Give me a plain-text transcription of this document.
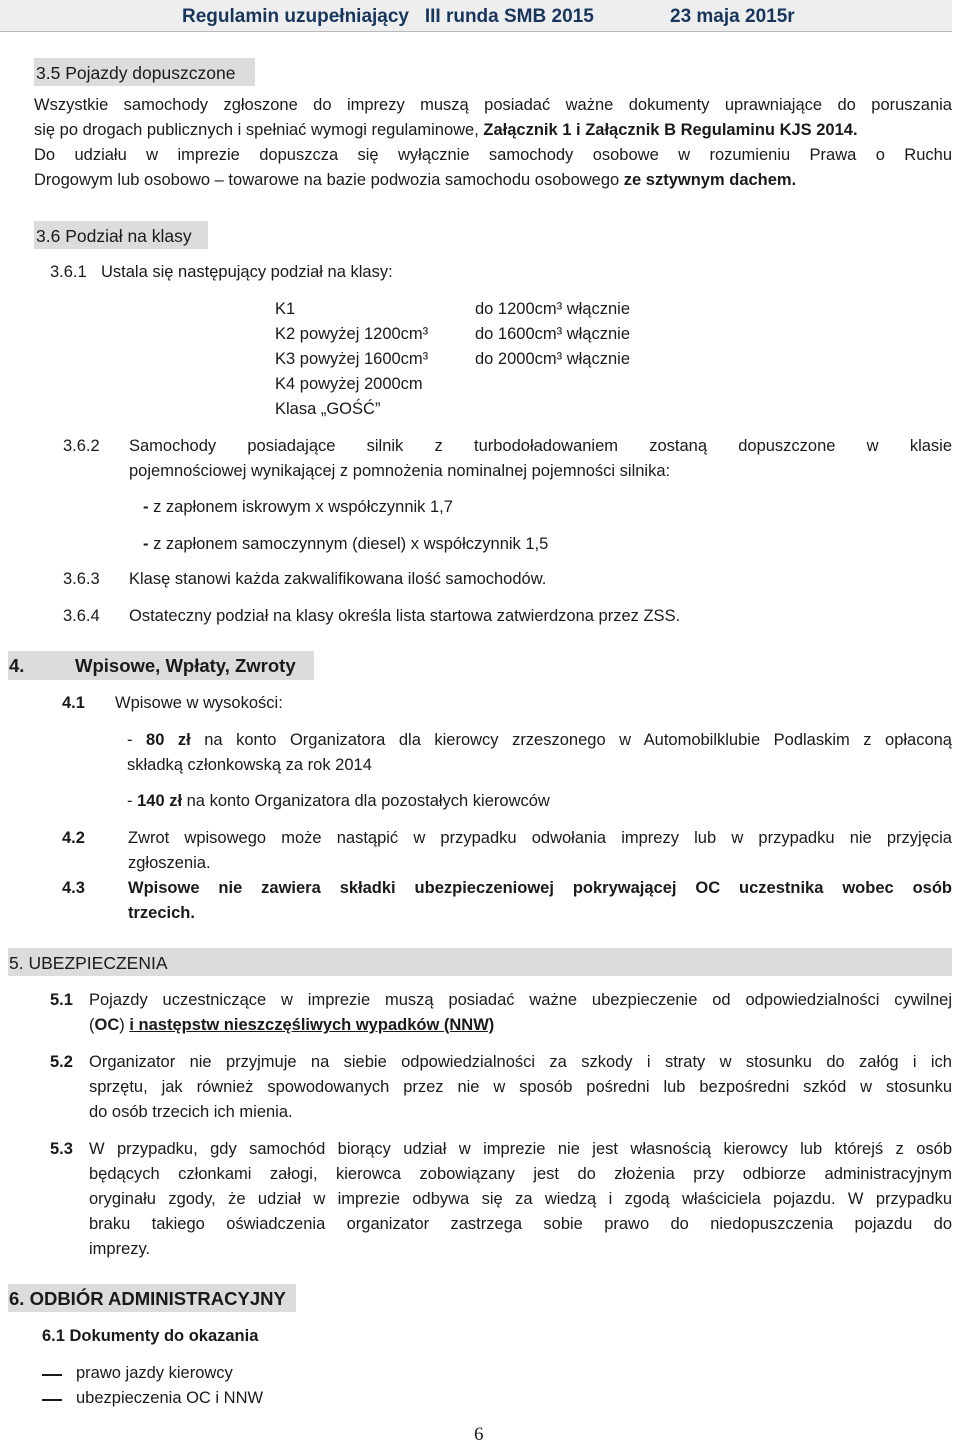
Regulamin uzupełniający   III runda SMB 2015	23 maja 2015r
3.5 Pojazdy dopuszczone
Wszystkie samochody zgłoszone do imprezy muszą posiadać ważne dokumenty uprawniające do poruszania
się po drogach publicznych i spełniać wymogi regulaminowe, Załącznik 1 i Załącznik B Regulaminu KJS 2014.
Do udziału w imprezie dopuszcza się wyłącznie samochody osobowe w rozumieniu Prawa o Ruchu
Drogowym lub osobowo – towarowe na bazie podwozia samochodu osobowego ze sztywnym dachem.
3.6 Podział na klasy
3.6.1 Ustala się następujący podział na klasy:
K1	do 1200cm³ włącznie
K2 powyżej 1200cm³	do 1600cm³ włącznie
K3 powyżej 1600cm³	do 2000cm³ włącznie
K4 powyżej 2000cm
Klasa „GOŚĆ”
3.6.2 Samochody posiadające silnik z turbodoładowaniem zostaną dopuszczone w klasie
pojemnościowej wynikającej z pomnożenia nominalnej pojemności silnika:
- z zapłonem iskrowym x współczynnik 1,7
- z zapłonem samoczynnym (diesel) x współczynnik 1,5
3.6.3 Klasę stanowi każda zakwalifikowana ilość samochodów.
3.6.4 Ostateczny podział na klasy określa lista startowa zatwierdzona przez ZSS.
4.	Wpisowe, Wpłaty, Zwroty
4.1 Wpisowe w wysokości:
- 80 zł na konto Organizatora dla kierowcy zrzeszonego w Automobilklubie Podlaskim z opłaconą
składką członkowską za rok 2014
- 140 zł na konto Organizatora dla pozostałych kierowców
4.2	Zwrot wpisowego może nastąpić w przypadku odwołania imprezy lub w przypadku nie przyjęcia
zgłoszenia.
4.3	Wpisowe nie zawiera składki ubezpieczeniowej pokrywającej OC uczestnika wobec osób
trzecich.
5. UBEZPIECZENIA
5.1 Pojazdy uczestniczące w imprezie muszą posiadać ważne ubezpieczenie od odpowiedzialności cywilnej
(OC) i następstw nieszczęśliwych wypadków (NNW)
5.2 Organizator nie przyjmuje na siebie odpowiedzialności za szkody i straty w stosunku do załóg i ich
sprzętu, jak również spowodowanych przez nie w sposób pośredni lub bezpośredni szkód w stosunku
do osób trzecich ich mienia.
5.3 W przypadku, gdy samochód biorący udział w imprezie nie jest własnością kierowcy lub którejś z osób
będących członkami załogi, kierowca zobowiązany jest do złożenia przy odbiorze administracyjnym
oryginału zgody, że udział w imprezie odbywa się za wiedzą i zgodą właściciela pojazdu. W przypadku
braku takiego oświadczenia organizator zastrzega sobie prawo do niedopuszczenia pojazdu do
imprezy.
6. ODBIÓR ADMINISTRACYJNY
6.1 Dokumenty do okazania
prawo jazdy kierowcy
ubezpieczenia OC i NNW
6
